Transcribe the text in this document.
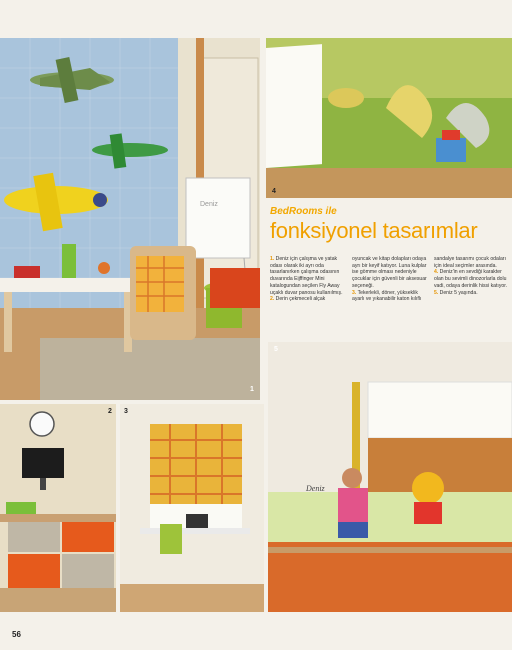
Deniz
1
4
BedRooms ile
fonksiyonel tasarımlar
1. Deniz için çalışma ve yatak odası olarak iki ayrı oda tasarlanırken çalışma odasının duvarında Eijffinger Mini katalogundan seçilen Fly Away uçaklı duvar panosu kullanılmış.
2. Derin çekmeceli alçak
oyuncak ve kitap dolapları odaya ayrı bir keyif katıyor. Luna kulplar ise gömme olması nedeniyle çocuklar için güvenli bir aksesuar seçeneği.
3. Tekerlekli, döner, yükseklik ayarlı ve yıkanabilir katon kılıflı
sandalye tasarımı çocuk odaları için ideal seçimler arasında.
4. Deniz'in en sevdiği karakter olan bu sevimli dinozorlarla dolu vadi, odaya derinlik hissi katıyor.
5. Deniz 5 yaşında.
2 3
5
Deniz
56
